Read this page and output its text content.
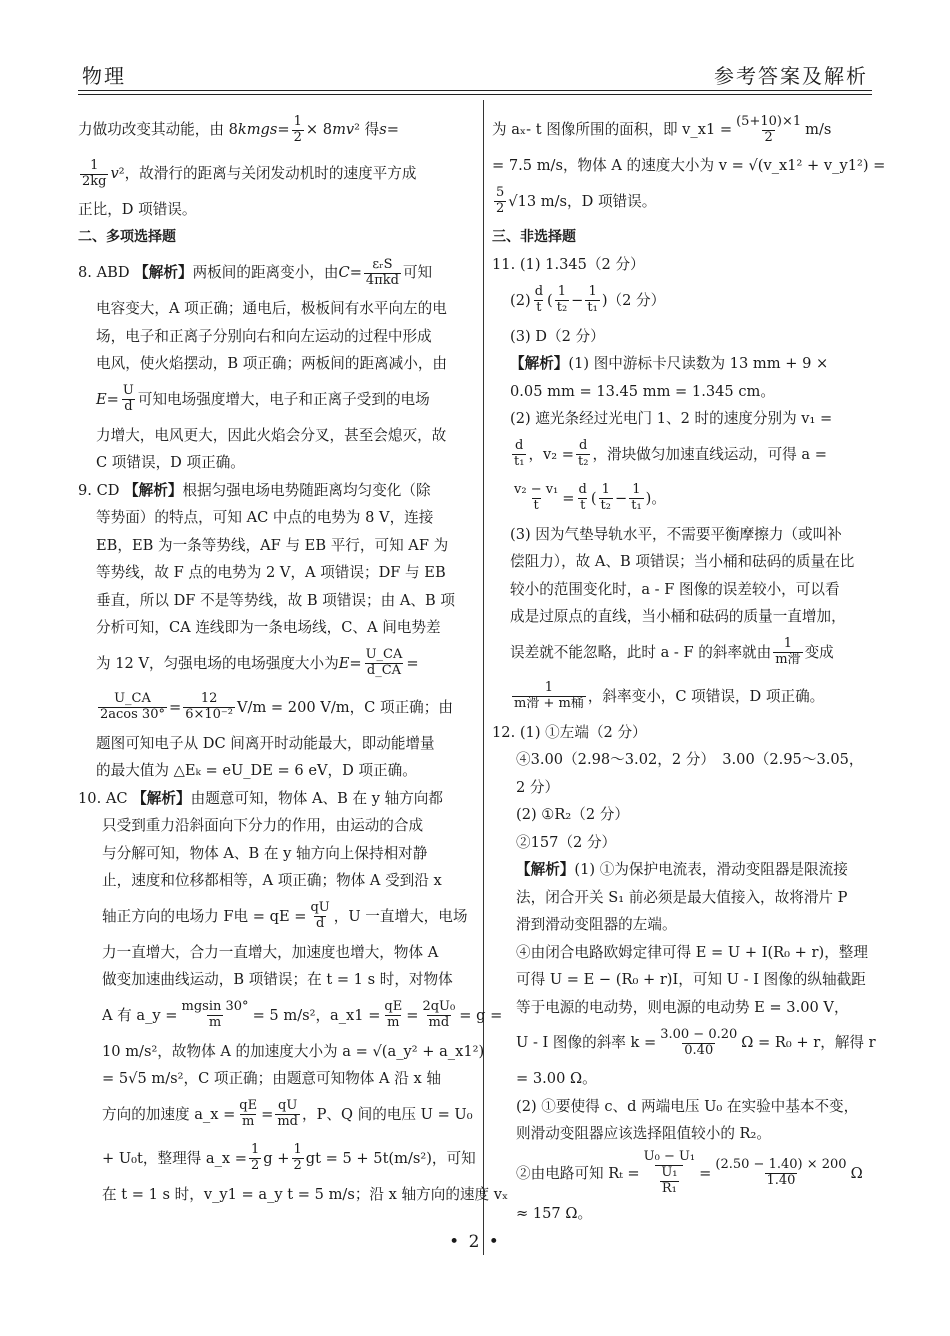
物理	参考答案及解析
力做功改变其动能，由 8 kmgs = $\frac{1}{2} \times 8$ mv ² 得 s =
$\frac{1}{2kg}$ v ²，故滑行的距离与关闭发动机时的速度平方成
正比，D 项错误。
二、多项选择题
8. ABD
【解析】 两板间的距离变小，由 $C = \frac{\text{εᵣS}}{\text{4πkd}}$ 可知
电容变大，A 项正确；通电后，极板间有水平向左的电
场，电子和正离子分别向右和向左运动的过程中形成
电风，使火焰摆动，B 项正确；两板间的距离减小，由
$E = \frac{U}{d}$ 可知电场强度增大，电子和正离子受到的电场
力增大，电风更大，因此火焰会分叉，甚至会熄灭，故
C 项错误，D 项正确。
9. CD
【解析】 根据匀强电场电势随距离均匀变化（除
等势面）的特点，可知 AC 中点的电势为 8 V，连接
EB，EB 为一条等势线，AF 与 EB 平行，可知 AF 为
等势线，故 F 点的电势为 2 V，A 项错误；DF 与 EB
垂直，所以 DF 不是等势线，故 B 项错误；由 A、B 项
分析可知，CA 连线即为一条电场线，C、A 间电势差
为 12 V，匀强电场的电场强度大小为 $E = \frac{U\_CA}{d\_CA}$ =
$\frac{U\_CA}{2acos 30^\circ} = \frac{12}{\text{6×10⁻²}} V/m = 200$ V/m，C 项正确；由
题图可知电子从 DC 间离开时动能最大，即动能增量
的最大值为 △Eₖ = eU_DE = 6 eV，D 项正确。
10. AC
【解析】 由题意可知，物体 A、B 在 y 轴方向都
只受到重力沿斜面向下分力的作用，由运动的合成
与分解可知，物体 A、B 在 y 轴方向上保持相对静
止，速度和位移都相等，A 项正确；物体 A 受到沿 x
轴正方向的电场力 F电 = qE = $\frac{qU}{d}$ ，U 一直增大，电场
力一直增大，合力一直增大，加速度也增大，物体 A
做变加速曲线运动，B 项错误；在 t = 1 s 时，对物体
A 有 a_y = $\frac{mgsin 30^\circ}{m} = 5$ m/s²，a_x1 = $\frac{qE}{m} = \frac{\text{2qU₀}}{md} = g$ =
10 m/s²，故物体 A 的加速度大小为 a = √(a_y² + a_x1²)
= 5√5 m/s²，C 项正确；由题意可知物体 A 沿 x 轴
方向的加速度 a_x = $\frac{qE}{m} = \frac{qU}{md}$ ，P、Q 间的电压 U = U₀
+ U₀t，整理得 a_x = $\frac{1}{2}$ $g + \frac{1}{2}$ gt = 5 + 5t(m/s²)，可知
在 t = 1 s 时，v_y1 = a_y t = 5 m/s；沿 x 轴方向的速度 vₓ
为 aₓ- t 图像所围的面积，即 v_x1 = $\frac{(5+10)\times 1}{2} m/s$
= 7.5 m/s，物体 A 的速度大小为 v = √(v_x1² + v_y1²) =
$\frac{5}{2} √13$ m/s，D 项错误。
三、非选择题
11. (1) 1.345（2 分）
$(2) \frac{d}{t}$ ( $\frac{1}{\text{t₂}} - \frac{1}{\text{t₁}} )(2$ 分）
(3) D（2 分）
【解析】 (1) 图中游标卡尺读数为 13 mm + 9 ×
0.05 mm = 13.45 mm = 1.345 cm。
(2) 遮光条经过光电门 1、2 时的速度分别为 v₁ =
$\frac{d}{\text{t₁}}$ ，$v_2 = \frac{d}{\text{t₂}}$ ，滑块做匀加速直线运动，可得 a =
$\frac{\text{v₂ − v₁}}{t} = \frac{d}{t}$ ( $\frac{1}{\text{t₂}} - \frac{1}{\text{t₁}}$ )。
(3) 因为气垫导轨水平，不需要平衡摩擦力（或叫补
偿阻力），故 A、B 项错误；当小桶和砝码的质量在比
较小的范围变化时，a - F 图像的误差较小，可以看
成是过原点的直线，当小桶和砝码的质量一直增加，
误差就不能忽略，此时 a - F 的斜率就由 $\frac{1}{\text{m滑}}$ 变成
$\frac{1}{\text{m滑 + m桶}}$ ，斜率变小，C 项错误，D 项正确。
12. (1) ①左端（2 分）
④3.00（2.98～3.02，2 分）　3.00（2.95～3.05，
2 分）
(2) ①R₂（2 分）
②157（2 分）
【解析】 (1) ①为保护电流表，滑动变阻器是限流接
法，闭合开关 S₁ 前必须是最大值接入，故将滑片 P
滑到滑动变阻器的左端。
④由闭合电路欧姆定律可得 E = U + I(R₀ + r)，整理
可得 U = E − (R₀ + r)I，可知 U - I 图像的纵轴截距
等于电源的电动势，则电源的电动势 E = 3.00 V，
U - I 图像的斜率 $k = \frac{3.00 - 0.20}{0.40}$ Ω = R₀ + r，解得 r
= 3.00 Ω。
(2) ①要使得 c、d 两端电压 U₀ 在实验中基本不变，
则滑动变阻器应该选择阻值较小的 R₂。
②由电路可知 $R_t = \frac{\text{U₀ − U₁}}{\frac{\text{U₁}}{\text{R₁}}} = \frac{(2.50 - 1.40) \times 200}{1.40}$ Ω
≈ 157 Ω。
• 2 •
